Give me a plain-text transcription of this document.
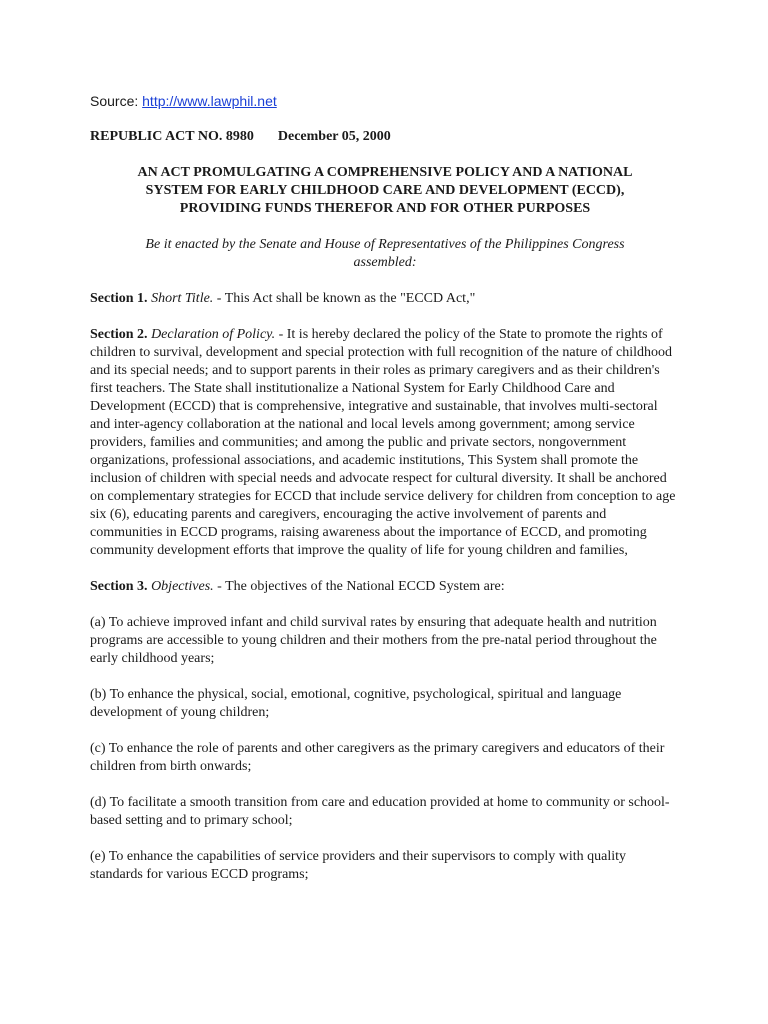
Source: http://www.lawphil.net
REPUBLIC ACT NO. 8980 December 05, 2000
AN ACT PROMULGATING A COMPREHENSIVE POLICY AND A NATIONAL
SYSTEM FOR EARLY CHILDHOOD CARE AND DEVELOPMENT (ECCD),
PROVIDING FUNDS THEREFOR AND FOR OTHER PURPOSES
Be it enacted by the Senate and House of Representatives of the Philippines Congress
assembled:

Section 1. Short Title. - This Act shall be known as the "ECCD Act,"

Section 2. Declaration of Policy. - It is hereby declared the policy of the State to promote the rights of children to survival, development and special protection with full recognition of the nature of childhood and its special needs; and to support parents in their roles as primary caregivers and as their children's first teachers. The State shall institutionalize a National System for Early Childhood Care and Development (ECCD) that is comprehensive, integrative and sustainable, that involves multi-sectoral and inter-agency collaboration at the national and local levels among government; among service providers, families and communities; and among the public and private sectors, nongovernment organizations, professional associations, and academic institutions, This System shall promote the inclusion of children with special needs and advocate respect for cultural diversity. It shall be anchored on complementary strategies for ECCD that include service delivery for children from conception to age six (6), educating parents and caregivers, encouraging the active involvement of parents and communities in ECCD programs, raising awareness about the importance of ECCD, and promoting community development efforts that improve the quality of life for young children and families,

Section 3. Objectives. - The objectives of the National ECCD System are:

(a) To achieve improved infant and child survival rates by ensuring that adequate health and nutrition programs are accessible to young children and their mothers from the pre-natal period throughout the early childhood years;

(b) To enhance the physical, social, emotional, cognitive, psychological, spiritual and language development of young children;

(c) To enhance the role of parents and other caregivers as the primary caregivers and educators of their children from birth onwards;

(d) To facilitate a smooth transition from care and education provided at home to community or school-based setting and to primary school;

(e) To enhance the capabilities of service providers and their supervisors to comply with quality standards for various ECCD programs;
